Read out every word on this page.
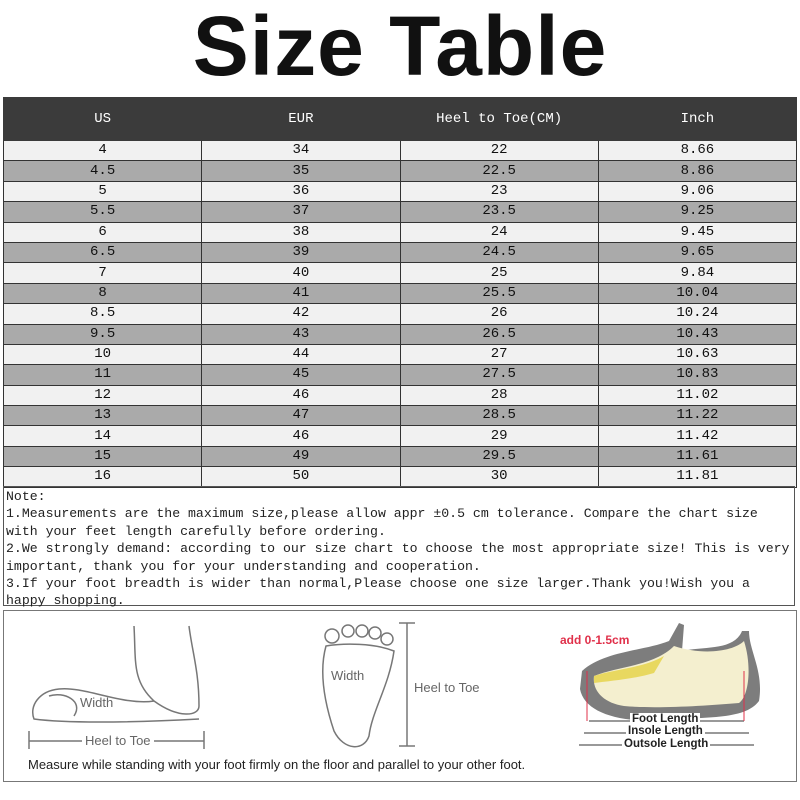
Size Table
US	EUR	Heel to Toe(CM)	Inch
4	34	22	8.66
4.5	35	22.5	8.86
5	36	23	9.06
5.5	37	23.5	9.25
6	38	24	9.45
6.5	39	24.5	9.65
7	40	25	9.84
8	41	25.5	10.04
8.5	42	26	10.24
9.5	43	26.5	10.43
10	44	27	10.63
11	45	27.5	10.83
12	46	28	11.02
13	47	28.5	11.22
14	46	29	11.42
15	49	29.5	11.61
16	50	30	11.81
Note:
1.Measurements are the maximum size,please allow appr ±0.5 cm tolerance. Compare the chart size with your feet length carefully before ordering.
2.We strongly demand: according to our size chart to choose the most appropriate size! This is very important, thank you for your understanding and cooperation.
3.If your foot breadth is wider than normal,Please choose one size larger.Thank you!Wish you a happy shopping.
Width
Heel to Toe
Width
Heel to Toe
add 0-1.5cm
Foot Length
Insole Length
Outsole Length
Measure while standing with your foot firmly on the floor and parallel to your other foot.
